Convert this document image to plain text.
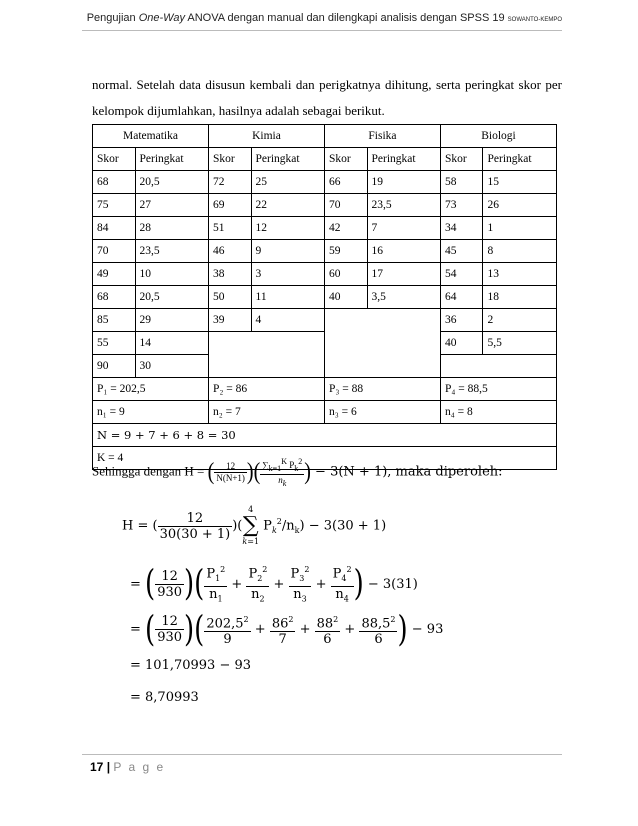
Pengujian One-Way ANOVA dengan manual dan dilengkapi analisis dengan SPSS 19 SOWANTO-KEMPO
normal. Setelah data disusun kembali dan perigkatnya dihitung, serta peringkat skor per kelompok dijumlahkan, hasilnya adalah sebagai berikut.
Matematika		Kimia		Fisika		Biologi	
Skor	Peringkat	Skor	Peringkat	Skor	Peringkat	Skor	Peringkat
68	20,5	72	25	66	19	58	15
75	27	69	22	70	23,5	73	26
84	28	51	12	42	7	34	1
70	23,5	46	9	59	16	45	8
49	10	38	3	60	17	54	13
68	20,5	50	11	40	3,5	64	18
85	29	39	4			36	2
55	14					40	5,5
90	30						
P₁ = 202,5		P₂ = 86		P₃ = 88		P₄ = 88,5	
n₁ = 9		n₂ = 7		n₃ = 6		n₄ = 8	
N = 9 + 7 + 6 + 8 = 30							
K = 4							
Sehingga dengan H = ( $\frac{12}{N(N+1)}$ )( $\frac{\sum_{k=1}^K P_k^2}{n_k}$ ) − 3(N + 1), maka diperoleh:
H = ( $\frac{12}{30(30 + 1)}$ )(
4
∑
k=1
$P_k^2/n_k) - 3(30 + 1)$
= ( $\frac{12}{930}$ )( $\frac{P_1^2}{n_1} + \frac{P_2^2}{n_2} + \frac{P_3^2}{n_3} + \frac{P_4^2}{n_4}$ ) − 3(31)
= ( $\frac{12}{930}$ )( $\frac{202,5^2}{9} + \frac{86^2}{7} + \frac{88^2}{6} + \frac{88,5^2}{6}$ ) − 93
= 101,70993 − 93
= 8,70993
17 | P a g e
